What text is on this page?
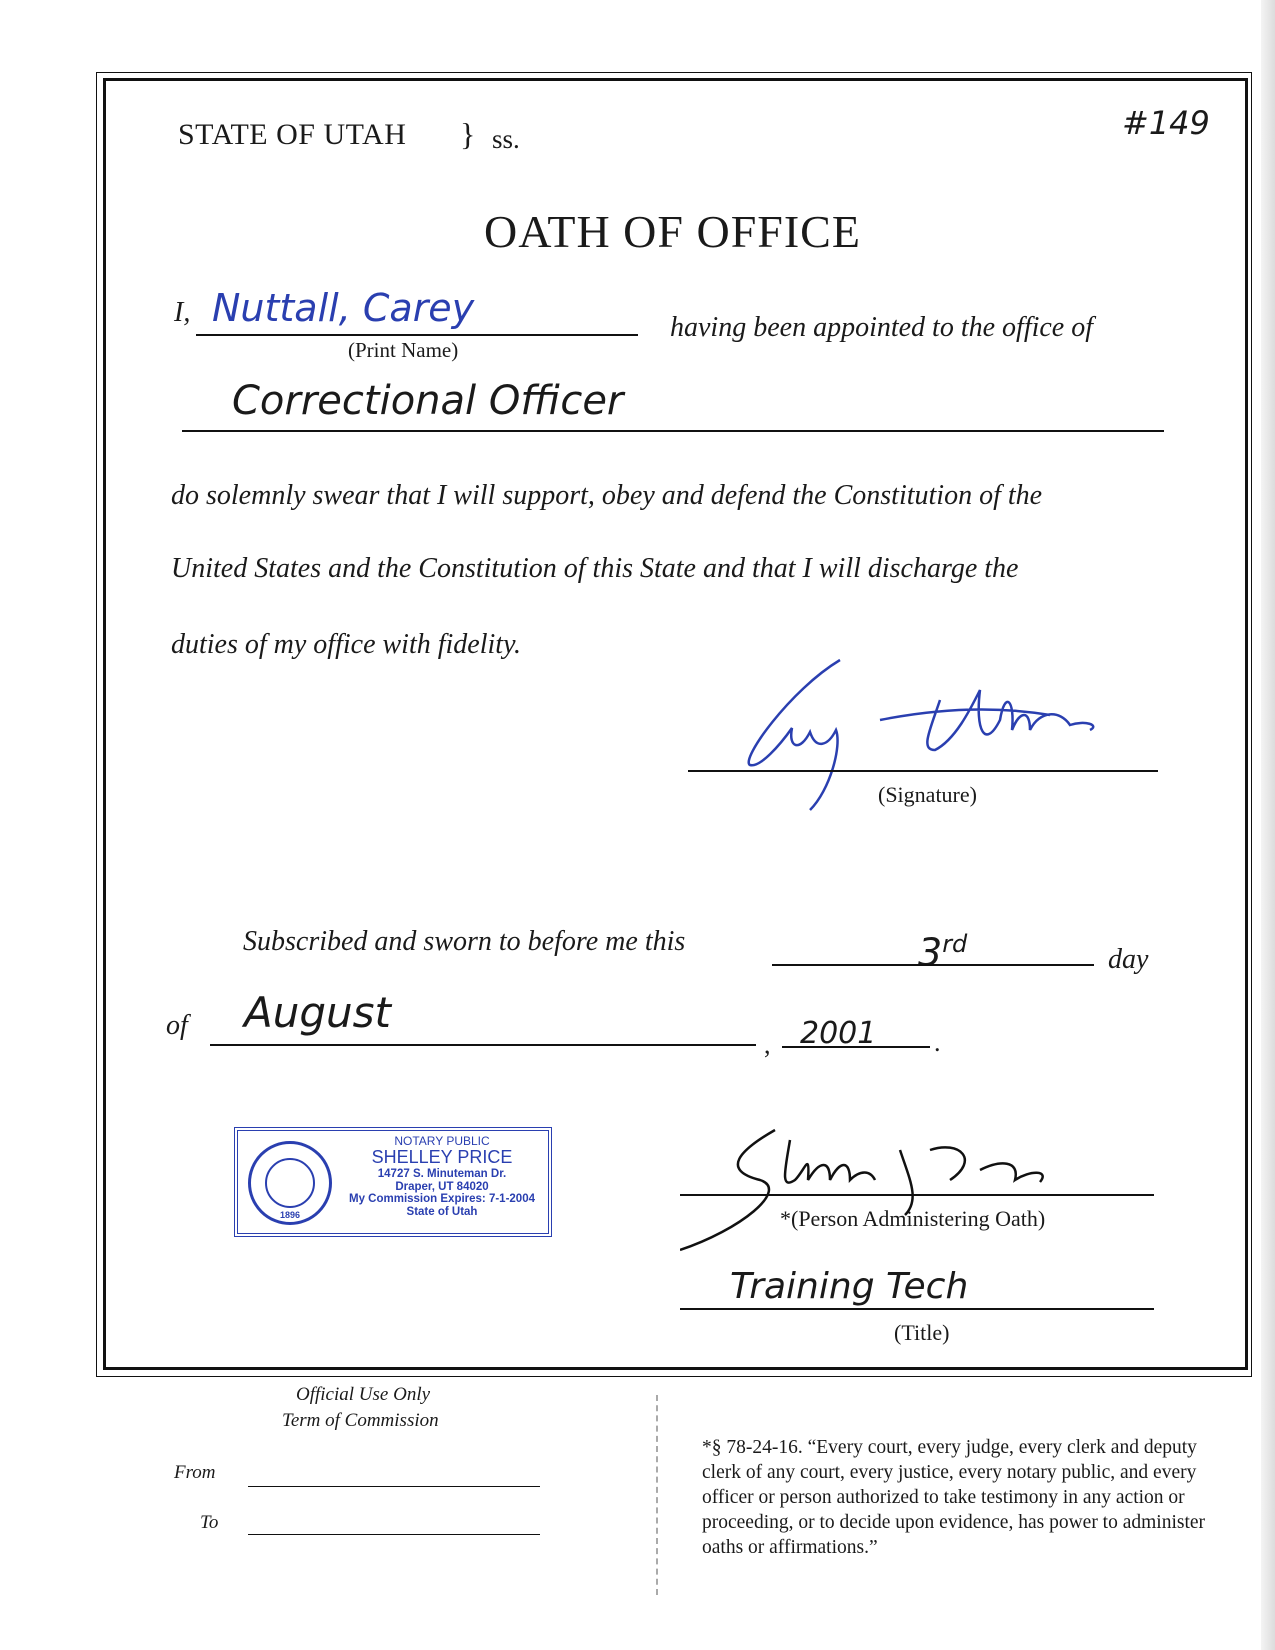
STATE OF UTAH } ss.	#149
OATH OF OFFICE
I, Nuttall, Carey
(Print Name)
having been appointed to the office of
Correctional Officer
do solemnly swear that I will support, obey and defend the Constitution of the
United States and the Constitution of this State and that I will discharge the
duties of my office with fidelity.
(Signature)
Subscribed and sworn to before me this	3rd	day
of August
, 2001 .
1896
NOTARY PUBLIC
SHELLEY PRICE
14727 S. Minuteman Dr.
Draper, UT 84020
My Commission Expires: 7-1-2004
State of Utah	*(Person Administering Oath)
Training Tech
(Title)
Official Use Only
Term of Commission
From
To
*§ 78-24-16. “Every court, every judge, every clerk and deputy clerk of any court, every justice, every notary public, and every officer or person authorized to take testimony in any action or proceeding, or to decide upon evidence, has power to administer oaths or affirmations.”
